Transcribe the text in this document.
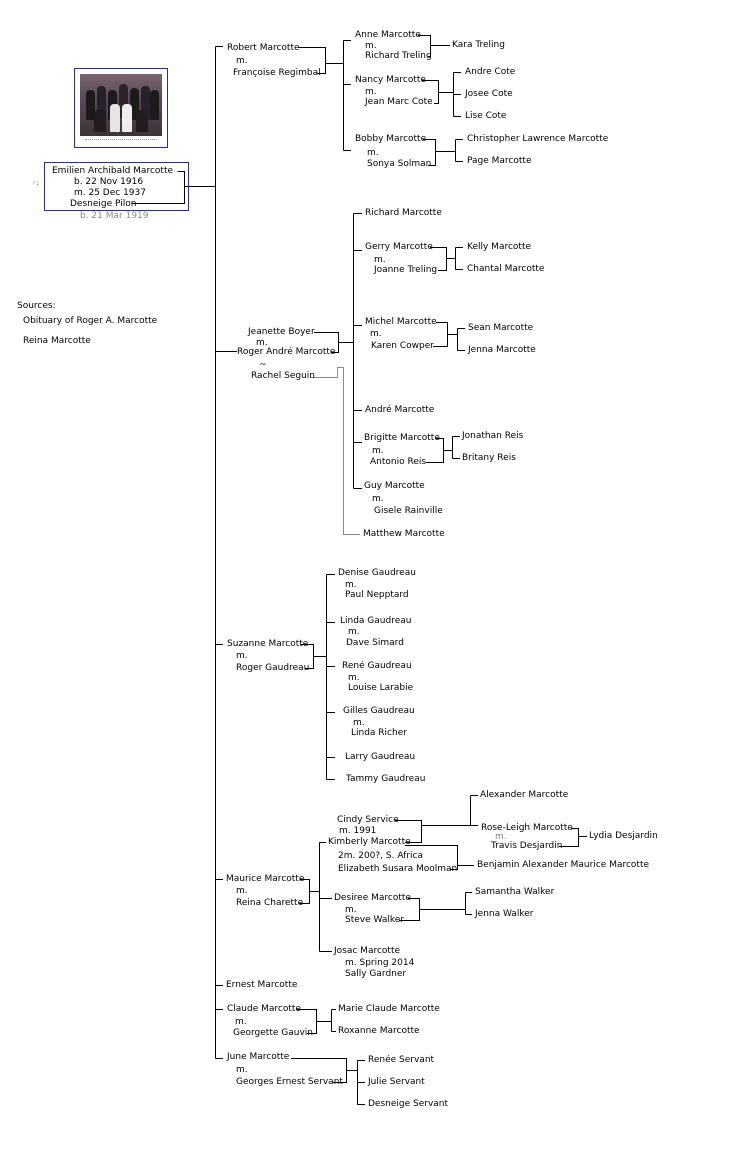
◦:
Emilien Archibald Marcotte
b. 22 Nov 1916
m. 25 Dec 1937
Desneige Pilon
b. 21 Mar 1919
Sources:
Obituary of Roger A. Marcotte
Reina Marcotte
Robert Marcotte
m.
Françoise Regimbal
Anne Marcotte
m.
Richard Treling
Kara Treling
Nancy Marcotte
m.
Jean Marc Cote
Andre Cote
Josee Cote
Lise Cote
Bobby Marcotte
m.
Sonya Solman
Christopher Lawrence Marcotte
Page Marcotte
Jeanette Boyer
m.
Roger André Marcotte
~
Rachel Seguin
Richard Marcotte
Gerry Marcotte
m.
Joanne Treling
Kelly Marcotte
Chantal Marcotte
Michel Marcotte
m.
Karen Cowper
Sean Marcotte
Jenna Marcotte
André Marcotte
Brigitte Marcotte
m.
Antonio Reis
Jonathan Reis
Britany Reis
Guy Marcotte
m.
Gisele Rainville
Matthew Marcotte
Suzanne Marcotte
m.
Roger Gaudreau
Denise Gaudreau
m.
Paul Nepptard
Linda Gaudreau
m.
Dave Simard
René Gaudreau
m.
Louise Larabie
Gilles Gaudreau
m.
Linda Richer
Larry Gaudreau
Tammy Gaudreau
Maurice Marcotte
m.
Reina Charette
Cindy Service
m. 1991
Kimberly Marcotte
2m. 200?, S. Africa
Elizabeth Susara Moolman
Alexander Marcotte
Benjamin Alexander Maurice Marcotte
Rose-Leigh Marcotte
m.
Travis Desjardin
Lydia Desjardin
Desiree Marcotte
m.
Steve Walker
Samantha Walker
Jenna Walker
Josac Marcotte
m. Spring 2014
Sally Gardner
Ernest Marcotte
Claude Marcotte
m.
Georgette Gauvin
Marie Claude Marcotte
Roxanne Marcotte
June Marcotte
m.
Georges Ernest Servant
Renée Servant
Julie Servant
Desneige Servant
